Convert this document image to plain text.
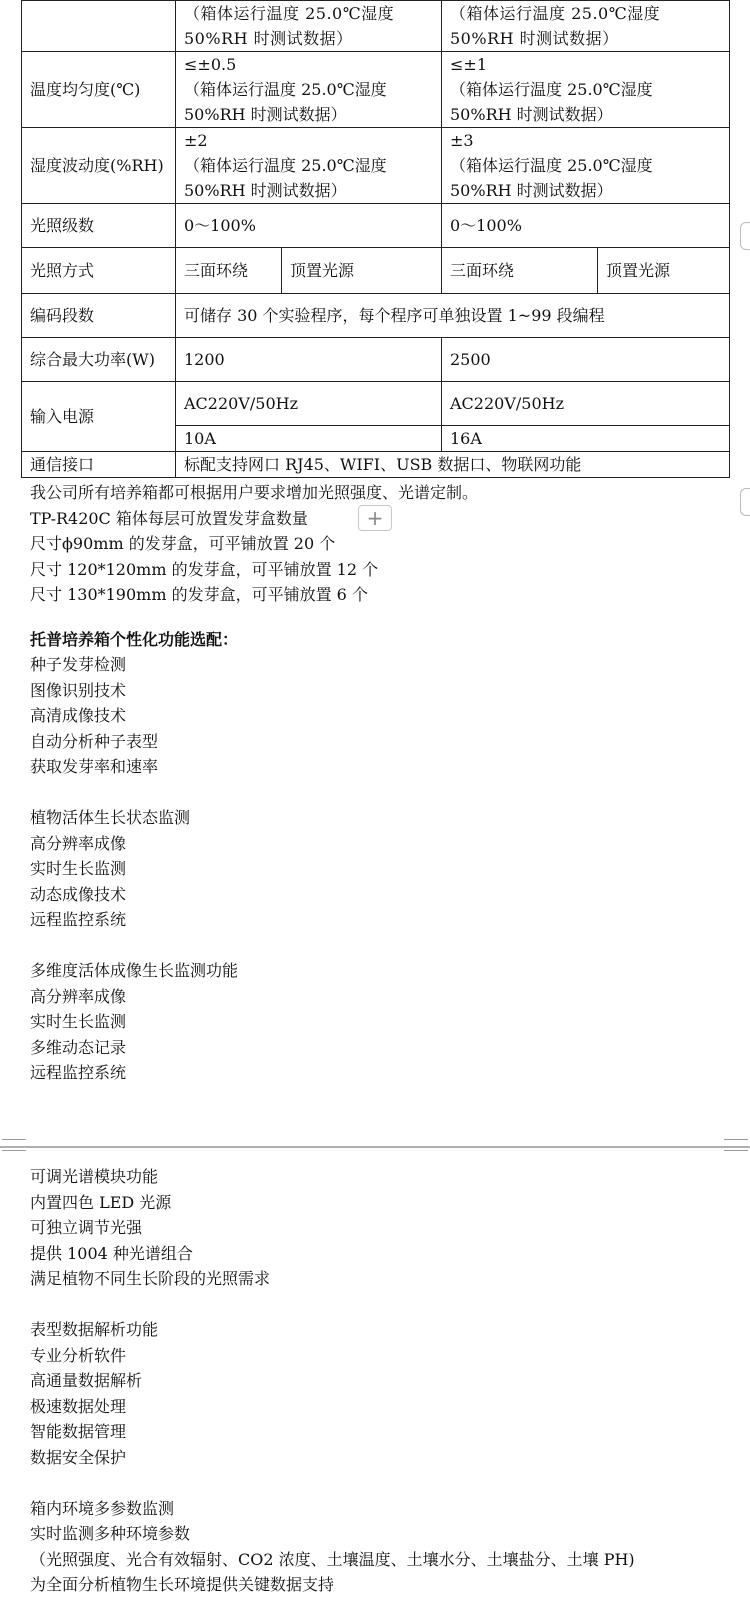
	（箱体运行温度 25.0℃湿度
50%RH 时测试数据）		（箱体运行温度 25.0℃湿度
50%RH 时测试数据）	

温度均匀度(℃)	≤±0.5
（箱体运行温度 25.0℃湿度
50%RH 时测试数据）		≤±1
（箱体运行温度 25.0℃湿度
50%RH 时测试数据）	

湿度波动度(%RH)	±2
（箱体运行温度 25.0℃湿度
50%RH 时测试数据）		±3
（箱体运行温度 25.0℃湿度
50%RH 时测试数据）	

光照级数	0～100%		0～100%	
光照方式	三面环绕	顶置光源	三面环绕	顶置光源
编码段数	可储存 30 个实验程序，每个程序可单独设置 1~99 段编程			
综合最大功率(W)	1200		2500	
输入电源	AC220V/50Hz		AC220V/50Hz	
	10A		16A	
通信接口	标配支持网口 RJ45、WIFI、USB 数据口、物联网功能			
我公司所有培养箱都可根据用户要求增加光照强度、光谱定制。
TP-R420C 箱体每层可放置发芽盒数量
尺寸ϕ90mm 的发芽盒，可平铺放置 20 个
尺寸 120*120mm 的发芽盒，可平铺放置 12 个
尺寸 130*190mm 的发芽盒，可平铺放置 6 个
+
托普培养箱个性化功能选配：
种子发芽检测
图像识别技术
高清成像技术
自动分析种子表型
获取发芽率和速率
植物活体生长状态监测
高分辨率成像
实时生长监测
动态成像技术
远程监控系统
多维度活体成像生长监测功能
高分辨率成像
实时生长监测
多维动态记录
远程监控系统
可调光谱模块功能
内置四色 LED 光源
可独立调节光强
提供 1004 种光谱组合
满足植物不同生长阶段的光照需求
表型数据解析功能
专业分析软件
高通量数据解析
极速数据处理
智能数据管理
数据安全保护
箱内环境多参数监测
实时监测多种环境参数
（光照强度、光合有效辐射、CO2 浓度、土壤温度、土壤水分、土壤盐分、土壤 PH)
为全面分析植物生长环境提供关键数据支持
